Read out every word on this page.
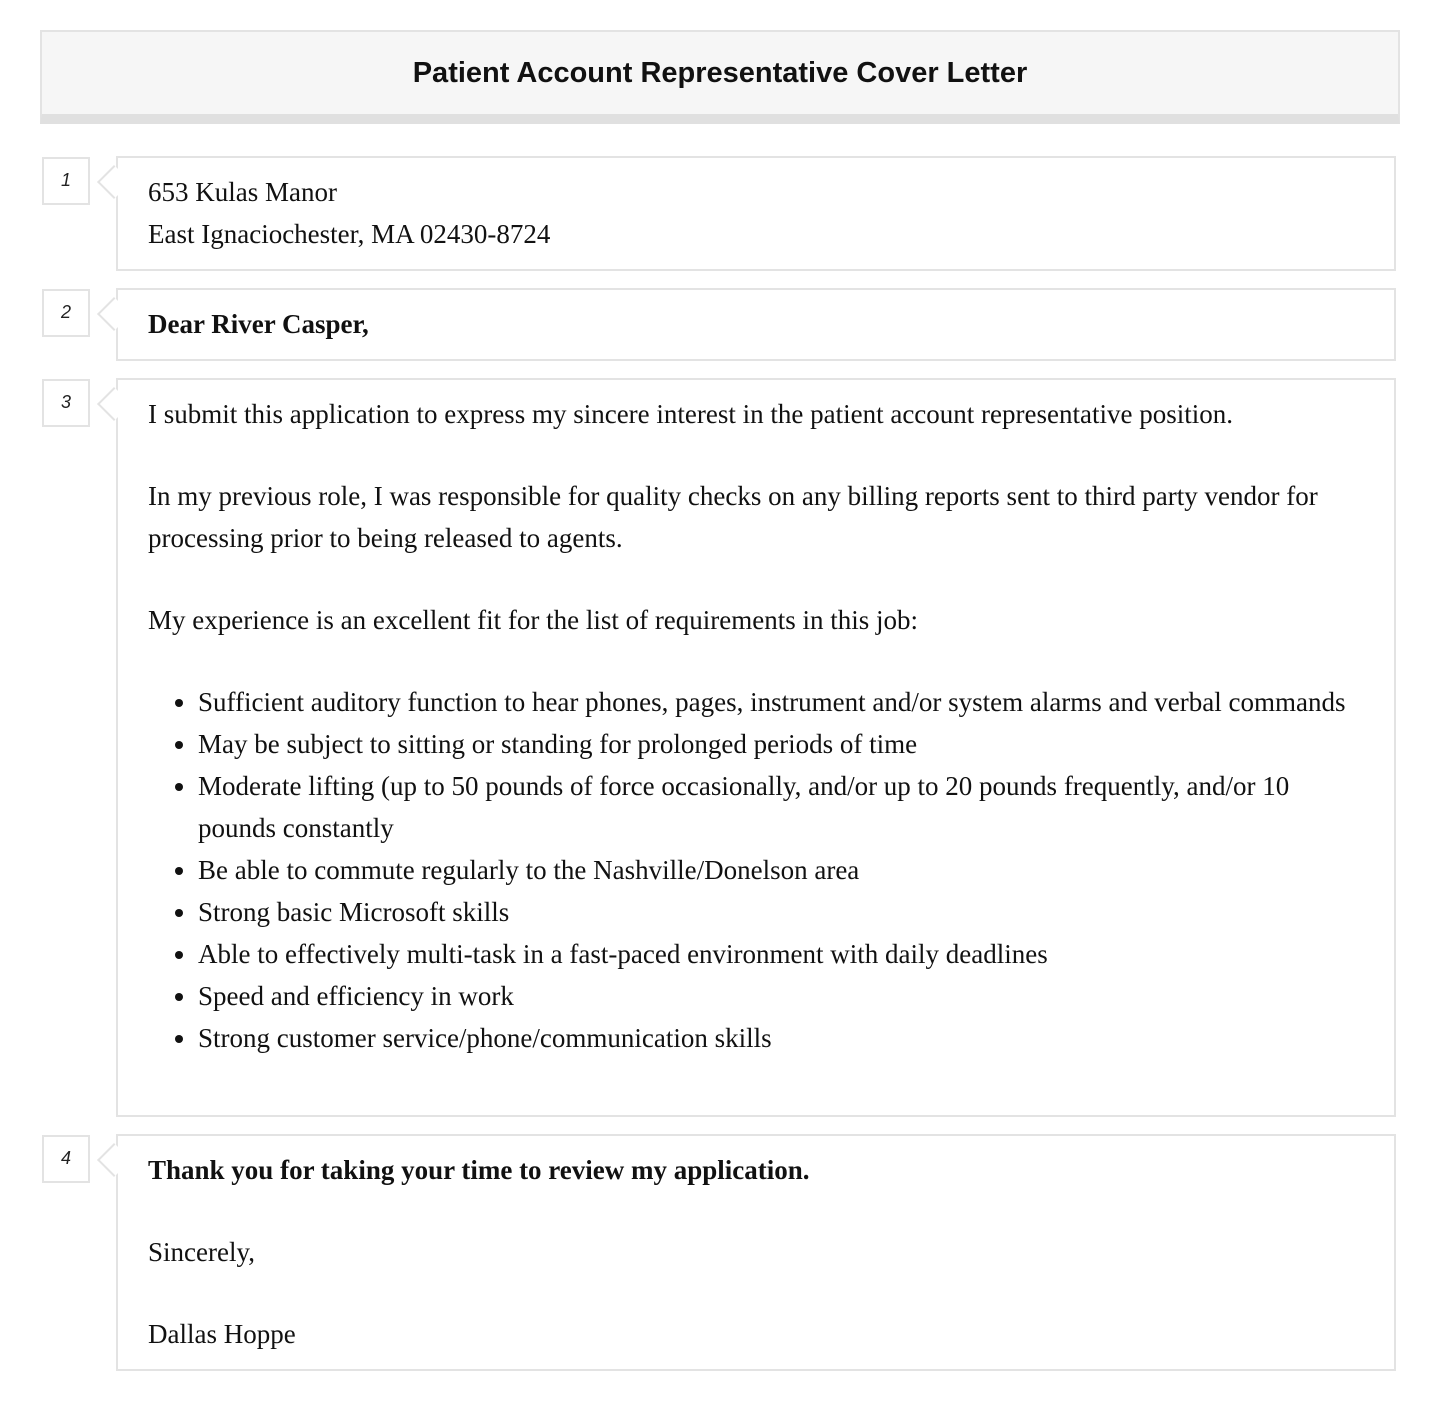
Patient Account Representative Cover Letter
1	653 Kulas Manor

East Ignaciochester, MA 02430-8724

2	Dear River Casper,

3	I submit this application to express my sincere interest in the patient account representative position.

In my previous role, I was responsible for quality checks on any billing reports sent to third party vendor for processing prior to being released to agents.

My experience is an excellent fit for the list of requirements in this job:

• Sufficient auditory function to hear phones, pages, instrument and/or system alarms and verbal commands
• May be subject to sitting or standing for prolonged periods of time
• Moderate lifting (up to 50 pounds of force occasionally, and/or up to 20 pounds frequently, and/or 10 pounds constantly
• Be able to commute regularly to the Nashville/Donelson area
• Strong basic Microsoft skills
• Able to effectively multi-task in a fast-paced environment with daily deadlines
• Speed and efficiency in work
• Strong customer service/phone/communication skills
4	Thank you for taking your time to review my application.

Sincerely,

Dallas Hoppe
